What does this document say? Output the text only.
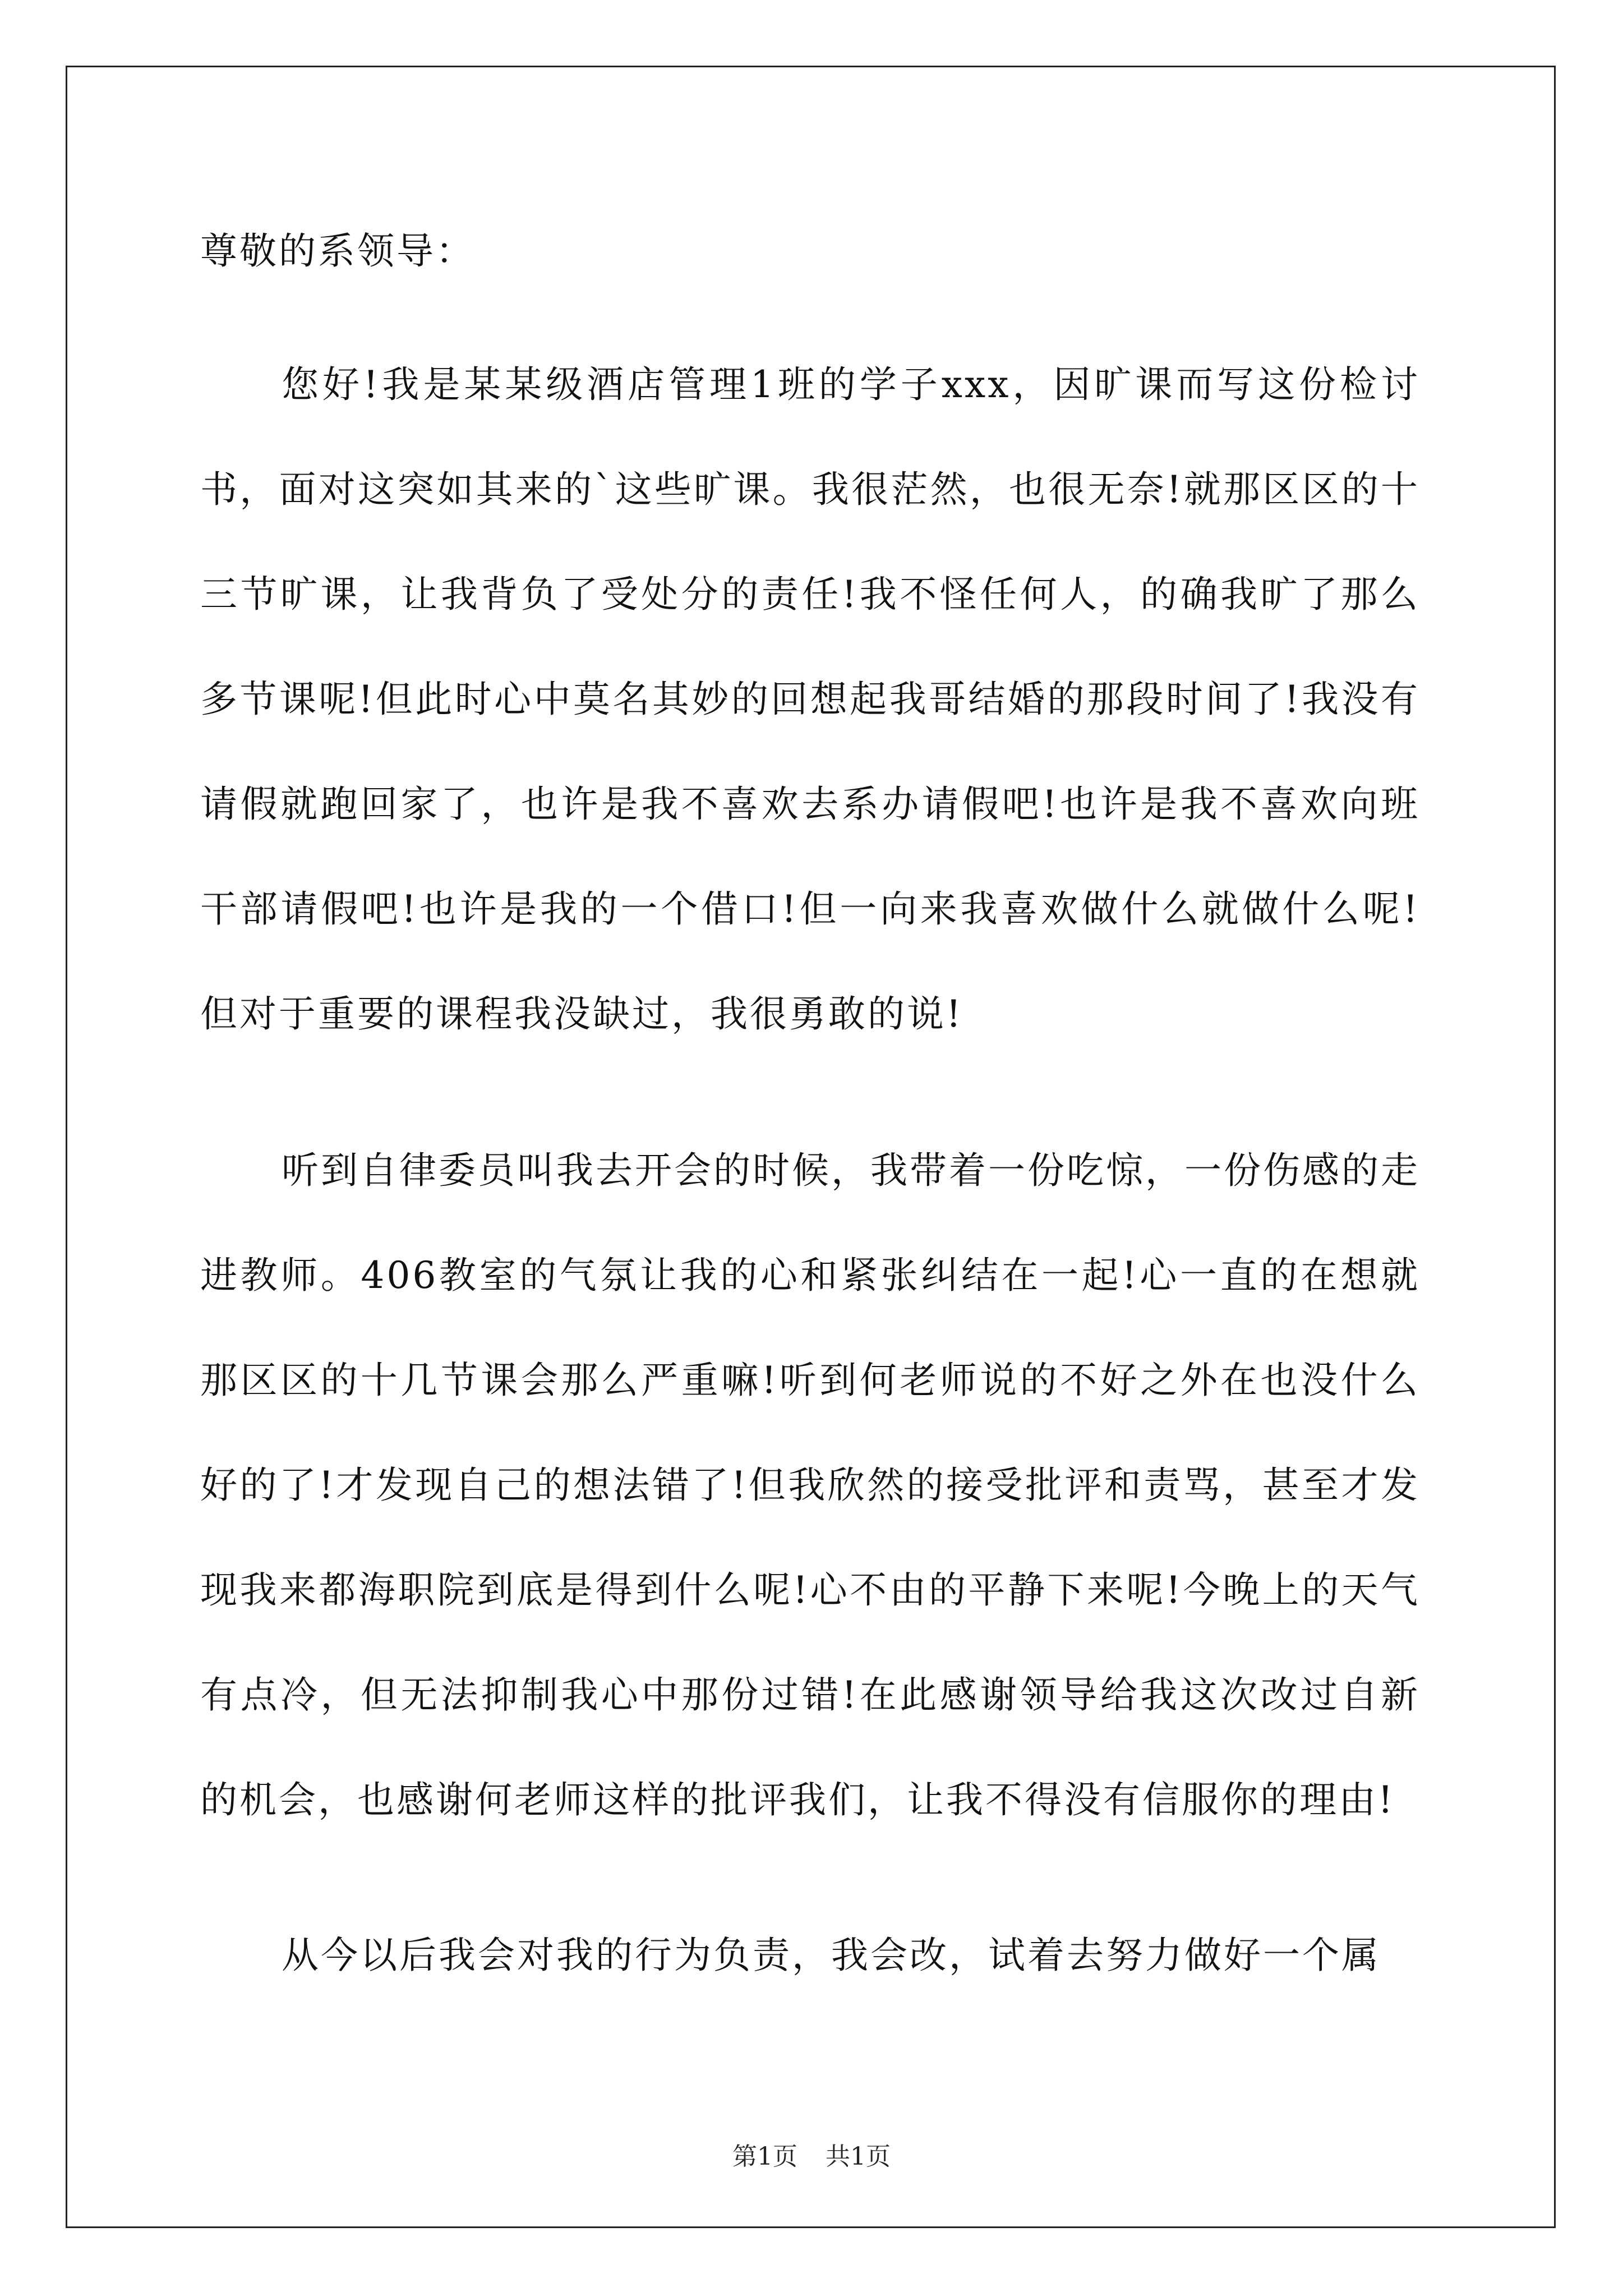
尊敬的系领导：

您好!我是某某级酒店管理1班的学子xxx，因旷课而写这份检讨书，面对这突如其来的`这些旷课。我很茫然，也很无奈!就那区区的十三节旷课，让我背负了受处分的责任!我不怪任何人，的确我旷了那么多节课呢!但此时心中莫名其妙的回想起我哥结婚的那段时间了!我没有请假就跑回家了，也许是我不喜欢去系办请假吧!也许是我不喜欢向班干部请假吧!也许是我的一个借口!但一向来我喜欢做什么就做什么呢!但对于重要的课程我没缺过，我很勇敢的说!

听到自律委员叫我去开会的时候，我带着一份吃惊，一份伤感的走进教师。406教室的气氛让我的心和紧张纠结在一起!心一直的在想就那区区的十几节课会那么严重嘛!听到何老师说的不好之外在也没什么好的了!才发现自己的想法错了!但我欣然的接受批评和责骂，甚至才发现我来都海职院到底是得到什么呢!心不由的平静下来呢!今晚上的天气有点冷，但无法抑制我心中那份过错!在此感谢领导给我这次改过自新的机会，也感谢何老师这样的批评我们，让我不得没有信服你的理由!

从今以后我会对我的行为负责，我会改，试着去努力做好一个属

第1页 共1页
